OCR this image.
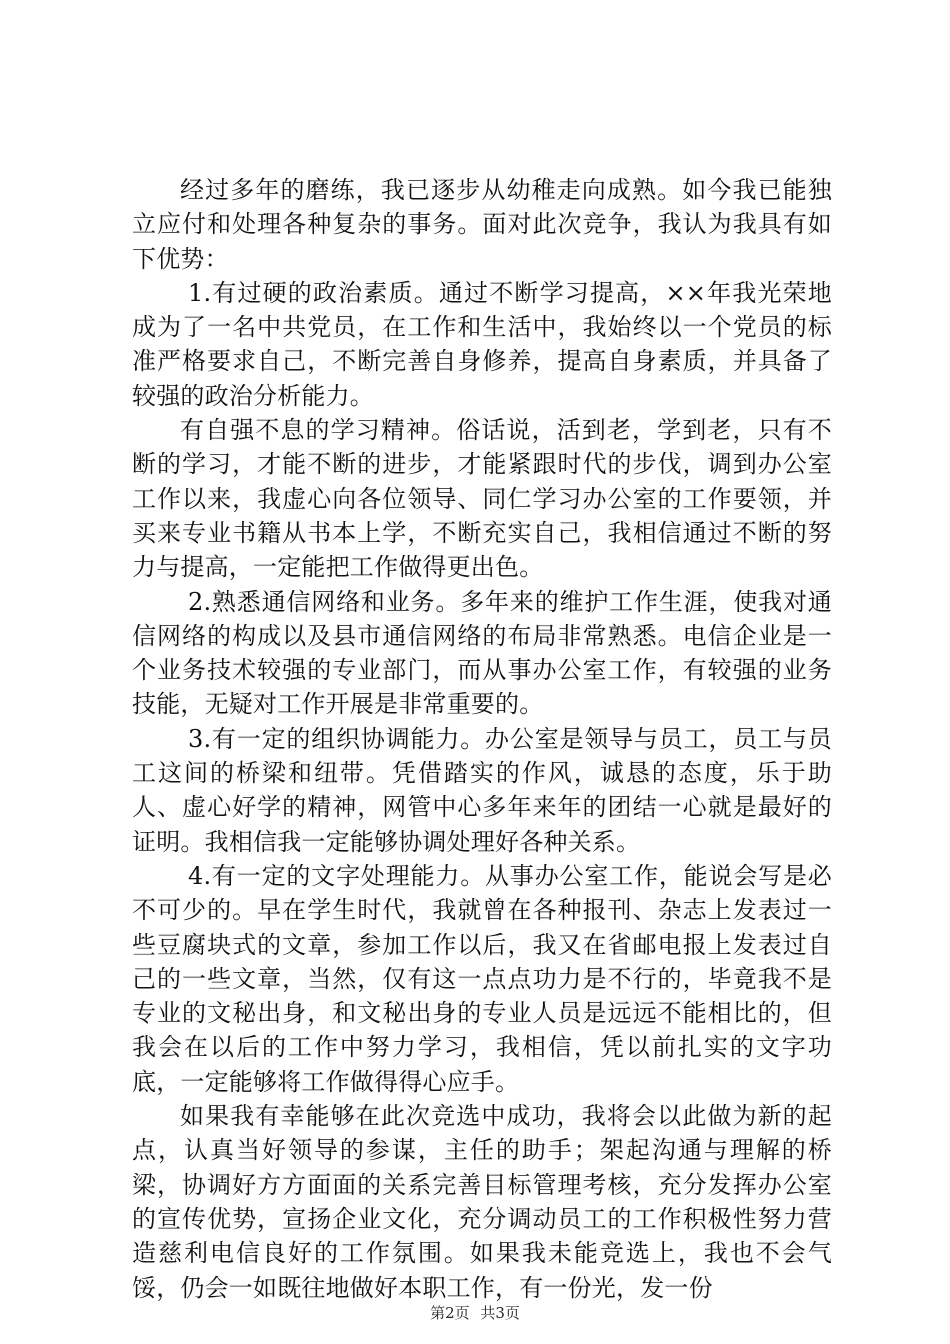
经过多年的磨练，我已逐步从幼稚走向成熟。如今我已能独立应付和处理各种复杂的事务。面对此次竞争，我认为我具有如下优势：

1.有过硬的政治素质。通过不断学习提高，××年我光荣地成为了一名中共党员，在工作和生活中，我始终以一个党员的标准严格要求自己，不断完善自身修养，提高自身素质，并具备了较强的政治分析能力。

有自强不息的学习精神。俗话说，活到老，学到老，只有不断的学习，才能不断的进步，才能紧跟时代的步伐，调到办公室工作以来，我虚心向各位领导、同仁学习办公室的工作要领，并买来专业书籍从书本上学，不断充实自己，我相信通过不断的努力与提高，一定能把工作做得更出色。

2.熟悉通信网络和业务。多年来的维护工作生涯，使我对通信网络的构成以及县市通信网络的布局非常熟悉。电信企业是一个业务技术较强的专业部门，而从事办公室工作，有较强的业务技能，无疑对工作开展是非常重要的。

3.有一定的组织协调能力。办公室是领导与员工，员工与员工这间的桥梁和纽带。凭借踏实的作风，诚恳的态度，乐于助人、虚心好学的精神，网管中心多年来年的团结一心就是最好的证明。我相信我一定能够协调处理好各种关系。

4.有一定的文字处理能力。从事办公室工作，能说会写是必不可少的。早在学生时代，我就曾在各种报刊、杂志上发表过一些豆腐块式的文章，参加工作以后，我又在省邮电报上发表过自己的一些文章，当然，仅有这一点点功力是不行的，毕竟我不是专业的文秘出身，和文秘出身的专业人员是远远不能相比的，但我会在以后的工作中努力学习，我相信，凭以前扎实的文字功底，一定能够将工作做得得心应手。

如果我有幸能够在此次竞选中成功，我将会以此做为新的起点，认真当好领导的参谋，主任的助手；架起沟通与理解的桥梁，协调好方方面面的关系完善目标管理考核，充分发挥办公室的宣传优势，宣扬企业文化，充分调动员工的工作积极性努力营造慈利电信良好的工作氛围。如果我未能竞选上，我也不会气馁，仍会一如既往地做好本职工作，有一份光，发一份

第2页 共3页
